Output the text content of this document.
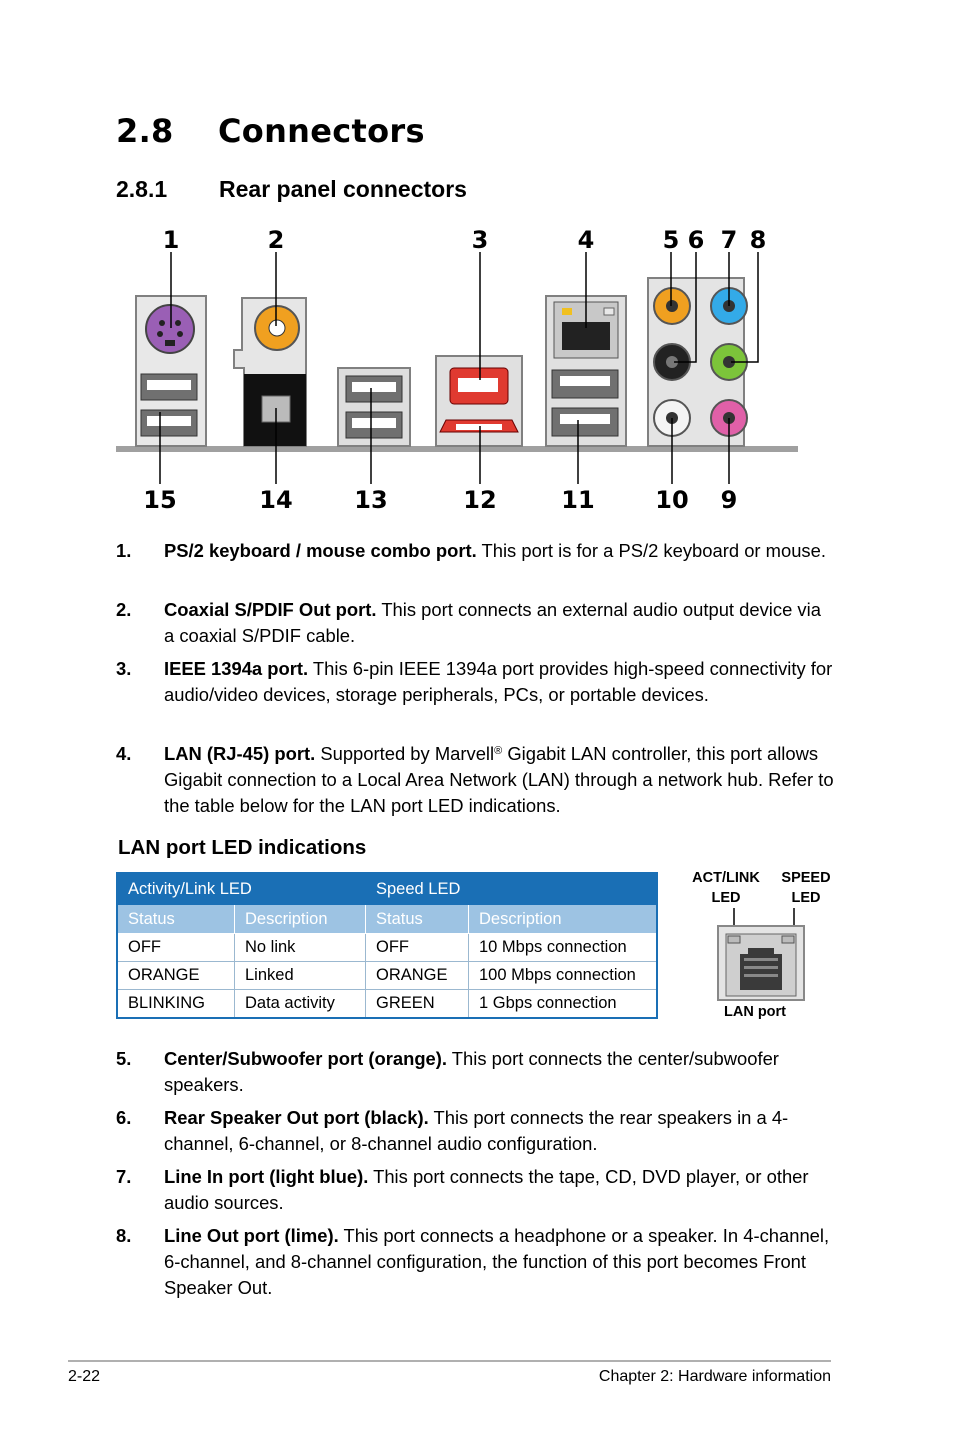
2.8 Connectors
2.8.1 Rear panel connectors
1	2	3	4	5 6 7 8
15	14	13	12	11	10 9
1. PS/2 keyboard / mouse combo port. This port is for a PS/2 keyboard or mouse.
2. Coaxial S/PDIF Out port. This port connects an external audio output device via a coaxial S/PDIF cable.
3. IEEE 1394a port. This 6-pin IEEE 1394a port provides high-speed connectivity for audio/video devices, storage peripherals, PCs, or portable devices.
4. LAN (RJ-45) port. Supported by Marvell® Gigabit LAN controller, this port allows Gigabit connection to a Local Area Network (LAN) through a network hub. Refer to the table below for the LAN port LED indications.
LAN port LED indications
Activity/Link LED		Speed LED	
Status	Description	Status	Description
OFF	No link	OFF	10 Mbps connection
ORANGE	Linked	ORANGE	100 Mbps connection
BLINKING	Data activity	GREEN	1 Gbps connection
ACT/LINK
LED
SPEED
LED
LAN port
5. Center/Subwoofer port (orange). This port connects the center/subwoofer speakers.
6. Rear Speaker Out port (black). This port connects the rear speakers in a 4-channel, 6-channel, or 8-channel audio configuration.
7. Line In port (light blue). This port connects the tape, CD, DVD player, or other audio sources.
8. Line Out port (lime). This port connects a headphone or a speaker. In 4-channel, 6-channel, and 8-channel configuration, the function of this port becomes Front Speaker Out.
2-22	Chapter 2: Hardware information
